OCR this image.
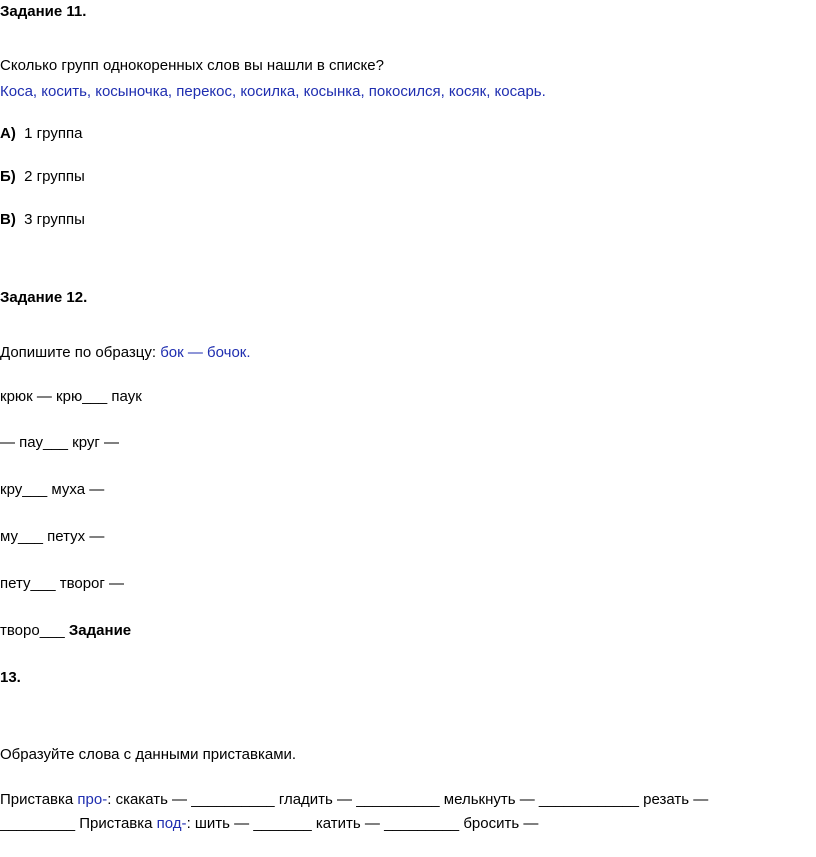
Задание 11.
Сколько групп однокоренных слов вы нашли в списке?
Коса, косить, косыночка, перекос, косилка, косынка, покосился, косяк, косарь.
А) 1 группа
Б) 2 группы
В) 3 группы
Задание 12.
Допишите по образцу: бок — бочок.
крюк — крю___ паук
— пау___ круг —
кру___ муха —
му___ петух —
пету___ творог —
творо___ Задание
13.
Образуйте слова с данными приставками.
Приставка про-: скакать — __________ гладить — __________ мелькнуть — ____________ резать —
_________ Приставка под-: шить — _______ катить — _________ бросить —
